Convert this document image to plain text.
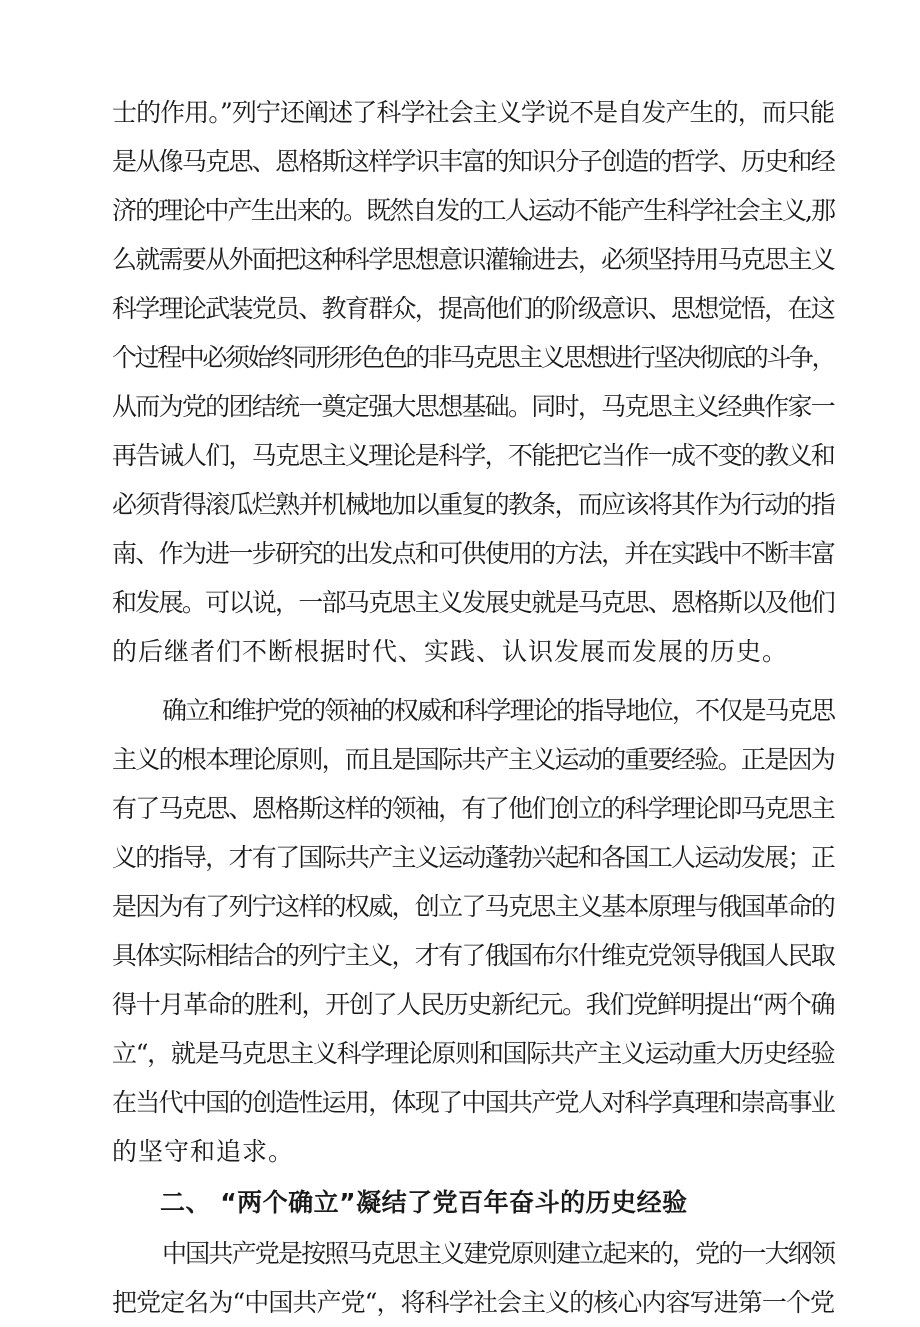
士的作用。”列宁还阐述了科学社会主义学说不是自发产生的，而只能
是从像马克思、恩格斯这样学识丰富的知识分子创造的哲学、历史和经
济的理论中产生出来的。既然自发的工人运动不能产生科学社会主义,那
么就需要从外面把这种科学思想意识灌输进去，必须坚持用马克思主义
科学理论武装党员、教育群众，提高他们的阶级意识、思想觉悟，在这
个过程中必须始终同形形色色的非马克思主义思想进行坚决彻底的斗争，
从而为党的团结统一奠定强大思想基础。同时，马克思主义经典作家一
再告诫人们，马克思主义理论是科学，不能把它当作一成不变的教义和
必须背得滚瓜烂熟并机械地加以重复的教条，而应该将其作为行动的指
南、作为进一步研究的出发点和可供使用的方法，并在实践中不断丰富
和发展。可以说，一部马克思主义发展史就是马克思、恩格斯以及他们
的后继者们不断根据时代、实践、认识发展而发展的历史。
确立和维护党的领袖的权威和科学理论的指导地位，不仅是马克思
主义的根本理论原则，而且是国际共产主义运动的重要经验。正是因为
有了马克思、恩格斯这样的领袖，有了他们创立的科学理论即马克思主
义的指导，才有了国际共产主义运动蓬勃兴起和各国工人运动发展；正
是因为有了列宁这样的权威，创立了马克思主义基本原理与俄国革命的
具体实际相结合的列宁主义，才有了俄国布尔什维克党领导俄国人民取
得十月革命的胜利，开创了人民历史新纪元。我们党鲜明提出“两个确
立“，就是马克思主义科学理论原则和国际共产主义运动重大历史经验
在当代中国的创造性运用，体现了中国共产党人对科学真理和崇高事业
的坚守和追求。
二、 “两个确立”凝结了党百年奋斗的历史经验
中国共产党是按照马克思主义建党原则建立起来的，党的一大纲领
把党定名为“中国共产党“，将科学社会主义的核心内容写进第一个党
